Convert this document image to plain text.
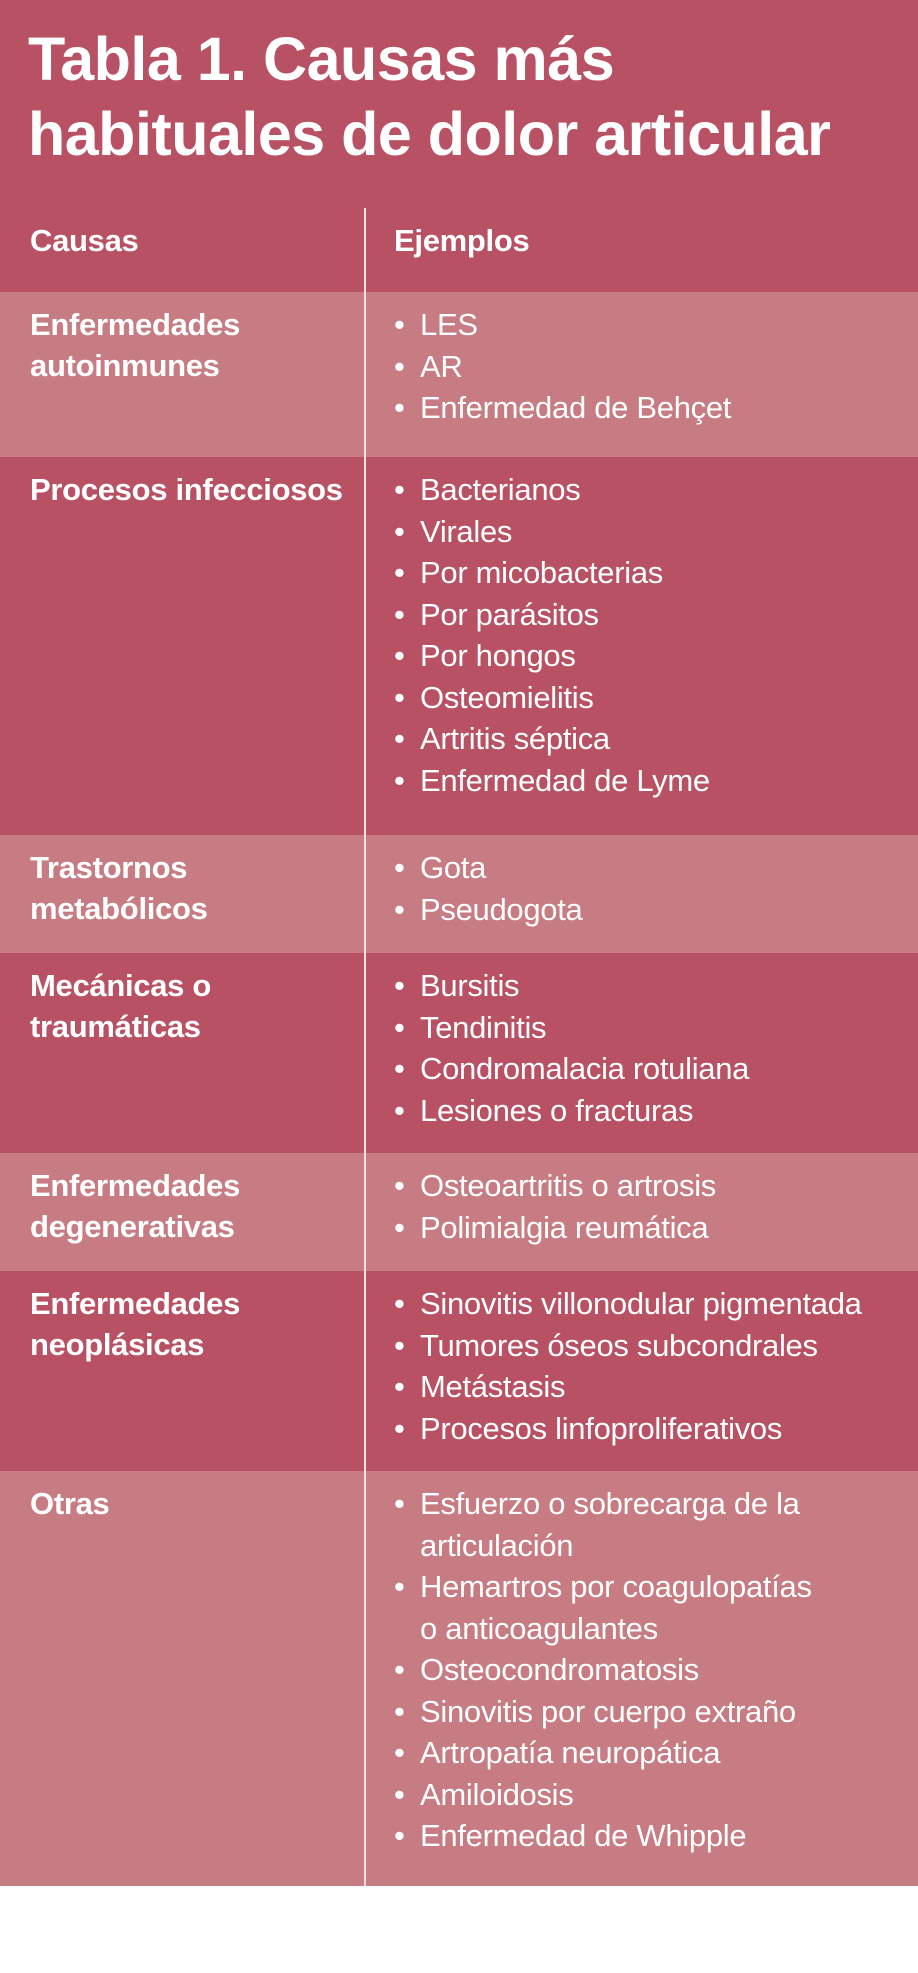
Tabla 1. Causas más habituales de dolor articular
Causas	Ejemplos
Enfermedades autoinmunes
• LES
• AR
• Enfermedad de Behçet
Procesos infecciosos • Bacterianos
• Virales
• Por micobacterias
• Por parásitos
• Por hongos
• Osteomielitis
• Artritis séptica
• Enfermedad de Lyme
Trastornos metabólicos
• Gota
• Pseudogota
Mecánicas o traumáticas
• Bursitis
• Tendinitis
• Condromalacia rotuliana
• Lesiones o fracturas
Enfermedades degenerativas
• Osteoartritis o artrosis
• Polimialgia reumática
Enfermedades neoplásicas
• Sinovitis villonodular pigmentada
• Tumores óseos subcondrales
• Metástasis
• Procesos linfoproliferativos
Otras	• Esfuerzo o sobrecarga de la articulación
• Hemartros por coagulopatías o anticoagulantes
• Osteocondromatosis
• Sinovitis por cuerpo extraño
• Artropatía neuropática
• Amiloidosis
• Enfermedad de Whipple
